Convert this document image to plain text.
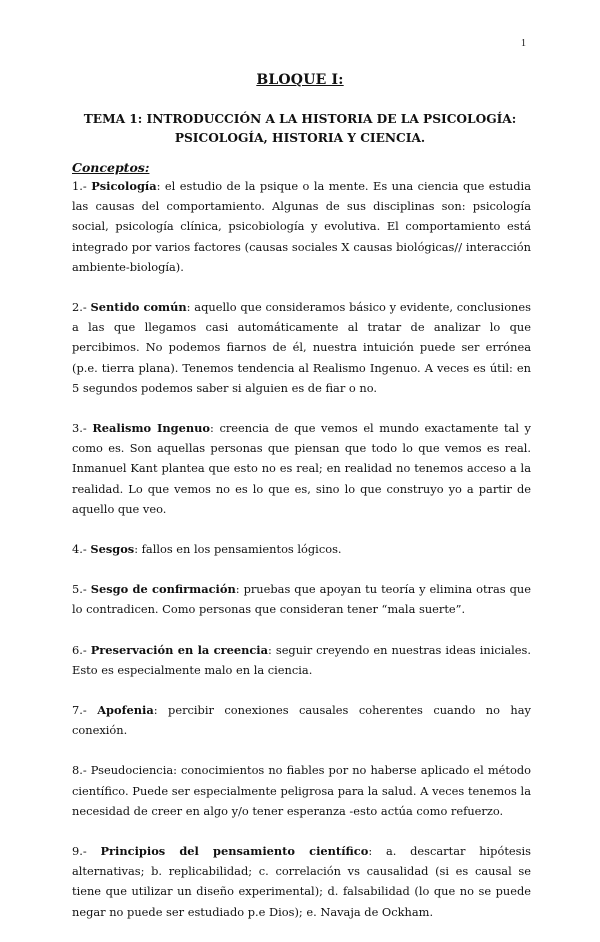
1
BLOQUE I:
TEMA 1: INTRODUCCIÓN A LA HISTORIA DE LA PSICOLOGÍA:
PSICOLOGÍA, HISTORIA Y CIENCIA.
Conceptos:

1.- Psicología: el estudio de la psique o la mente. Es una ciencia que estudia las causas del comportamiento. Algunas de sus disciplinas son: psicología social, psicología clínica, psicobiología y evolutiva. El comportamiento está integrado por varios factores (causas sociales X causas biológicas// interacción ambiente-biología).

2.- Sentido común: aquello que consideramos básico y evidente, conclusiones a las que llegamos casi automáticamente al tratar de analizar lo que percibimos. No podemos fiarnos de él, nuestra intuición puede ser errónea (p.e. tierra plana). Tenemos tendencia al Realismo Ingenuo. A veces es útil: en 5 segundos podemos saber si alguien es de fiar o no.

3.- Realismo Ingenuo: creencia de que vemos el mundo exactamente tal y como es. Son aquellas personas que piensan que todo lo que vemos es real. Inmanuel Kant plantea que esto no es real; en realidad no tenemos acceso a la realidad. Lo que vemos no es lo que es, sino lo que construyo yo a partir de aquello que veo.

4.- Sesgos: fallos en los pensamientos lógicos.

5.- Sesgo de confirmación: pruebas que apoyan tu teoría y elimina otras que lo contradicen. Como personas que consideran tener “mala suerte”.

6.- Preservación en la creencia: seguir creyendo en nuestras ideas iniciales. Esto es especialmente malo en la ciencia.

7.- Apofenia: percibir conexiones causales coherentes cuando no hay conexión.

8.- Pseudociencia: conocimientos no fiables por no haberse aplicado el método científico. Puede ser especialmente peligrosa para la salud. A veces tenemos la necesidad de creer en algo y/o tener esperanza -esto actúa como refuerzo.

9.- Principios del pensamiento científico: a. descartar hipótesis alternativas; b. replicabilidad; c. correlación vs causalidad (si es causal se tiene que utilizar un diseño experimental); d. falsabilidad (lo que no se puede negar no puede ser estudiado p.e Dios); e. Navaja de Ockham.
